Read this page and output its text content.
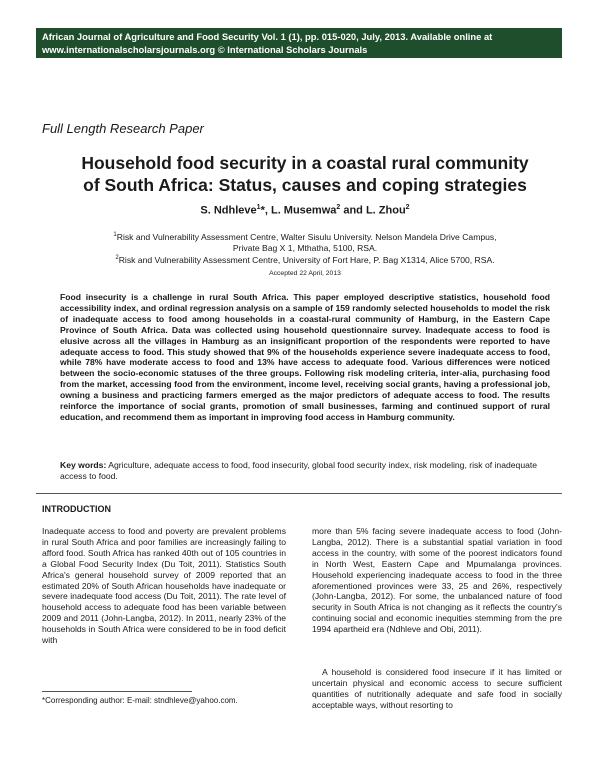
African Journal of Agriculture and Food Security Vol. 1 (1), pp. 015-020, July, 2013. Available online at
www.internationalscholarsjournals.org © International Scholars Journals
Full Length Research Paper
Household food security in a coastal rural community
of South Africa: Status, causes and coping strategies
S. Ndhleve$^1$*, L. Musemwa$^2$ and L. Zhou$^2$
$^1$Risk and Vulnerability Assessment Centre, Walter Sisulu University. Nelson Mandela Drive Campus,
Private Bag X 1, Mthatha, 5100, RSA.
$^2$Risk and Vulnerability Assessment Centre, University of Fort Hare, P. Bag X1314, Alice 5700, RSA.
Accepted 22 April, 2013
Food insecurity is a challenge in rural South Africa. This paper employed descriptive statistics, household food accessibility index, and ordinal regression analysis on a sample of 159 randomly selected households to model the risk of inadequate access to food among households in a coastal-rural community of Hamburg, in the Eastern Cape Province of South Africa. Data was collected using household questionnaire survey. Inadequate access to food is elusive across all the villages in Hamburg as an insignificant proportion of the respondents were reported to have adequate access to food. This study showed that 9% of the households experience severe inadequate access to food, while 78% have moderate access to food and 13% have access to adequate food. Various differences were noticed between the socio-economic statuses of the three groups. Following risk modeling criteria, inter-alia, purchasing food from the market, accessing food from the environment, income level, receiving social grants, having a professional job, owning a business and practicing farmers emerged as the major predictors of adequate access to food. The results reinforce the importance of social grants, promotion of small businesses, farming and continued support of rural education, and recommend them as important in improving food access in Hamburg community.
Key words: Agriculture, adequate access to food, food insecurity, global food security index, risk modeling, risk of inadequate access to food.
INTRODUCTION
Inadequate access to food and poverty are prevalent problems in rural South Africa and poor families are increasingly failing to afford food. South Africa has ranked 40th out of 105 countries in a Global Food Security Index (Du Toit, 2011). Statistics South Africa's general household survey of 2009 reported that an estimated 20% of South African households have inadequate or severe inadequate food access (Du Toit, 2011). The rate level of household access to adequate food has been variable between 2009 and 2011 (John-Langba, 2012). In 2011, nearly 23% of the households in South Africa were considered to be in food deficit with
more than 5% facing severe inadequate access to food (John-Langba, 2012). There is a substantial spatial variation in food access in the country, with some of the poorest indicators found in North West, Eastern Cape and Mpumalanga provinces. Household experiencing inadequate access to food in the three aforementioned provinces were 33, 25 and 26%, respectively (John-Langba, 2012). For some, the unbalanced nature of food security in South Africa is not changing as it reflects the country's continuing social and economic inequities stemming from the pre 1994 apartheid era (Ndhleve and Obi, 2011).
A household is considered food insecure if it has limited or uncertain physical and economic access to secure sufficient quantities of nutritionally adequate and safe food in socially acceptable ways, without resorting to
*Corresponding author: E-mail: stndhleve@yahoo.com.
